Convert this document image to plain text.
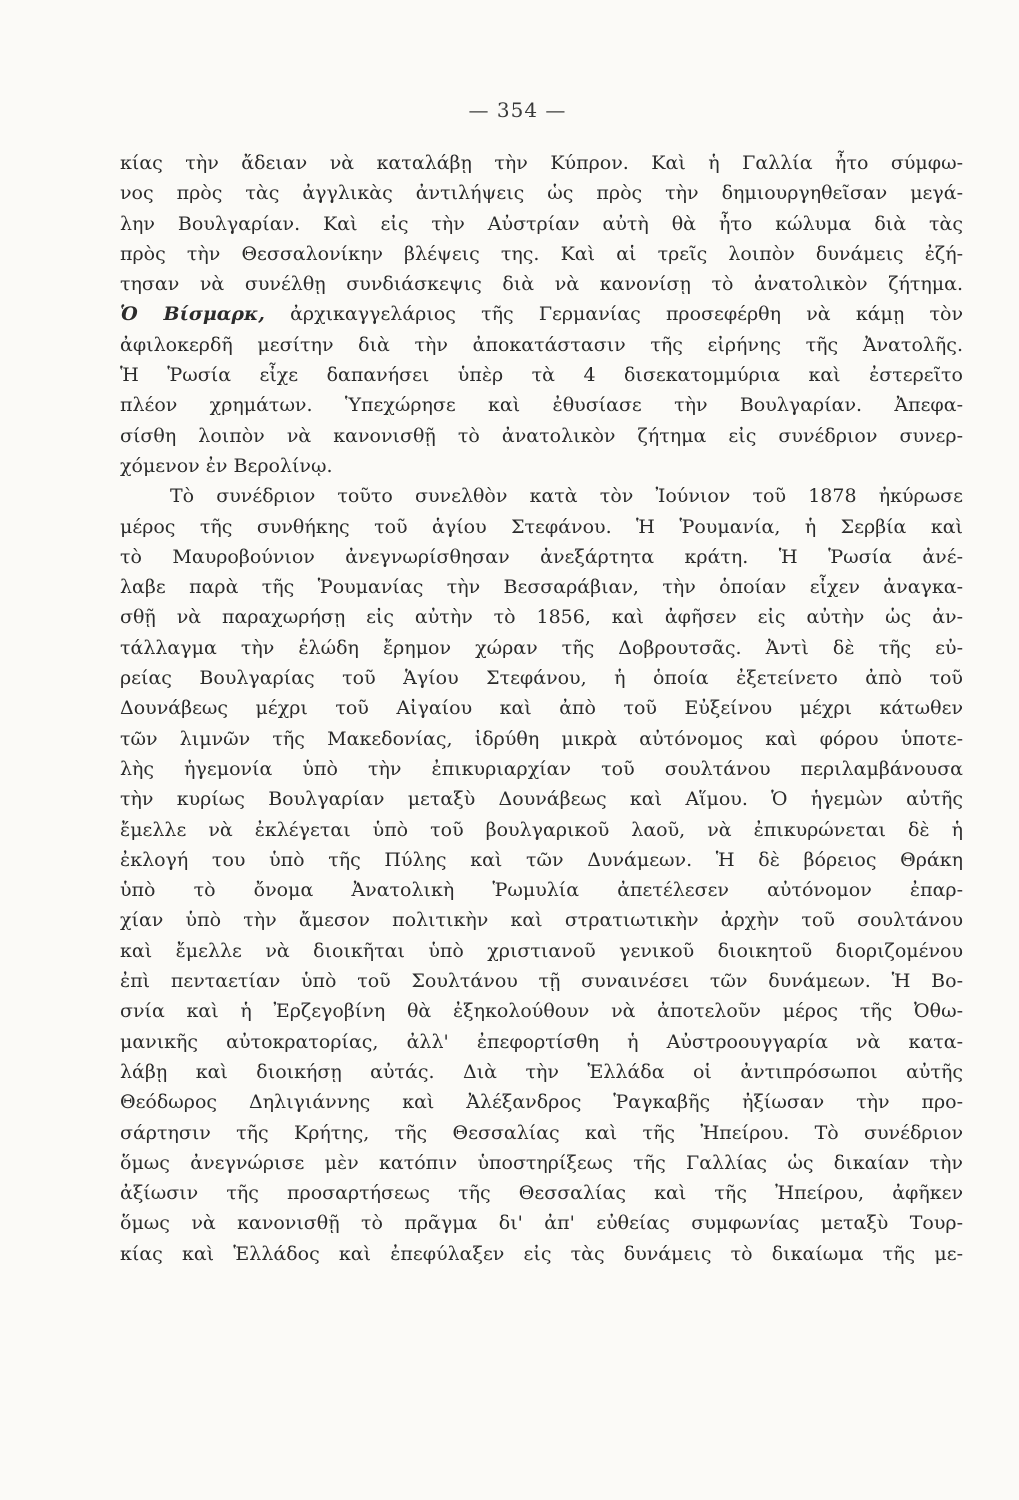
— 354 —
κίας τὴν ἄδειαν νὰ καταλάβῃ τὴν Κύπρον. Καὶ ἡ Γαλλία ἦτο σύμφω-
νος πρὸς τὰς ἀγγλικὰς ἀντιλήψεις ὡς πρὸς τὴν δημιουργηθεῖσαν μεγά-
λην Βουλγαρίαν. Καὶ εἰς τὴν Αὐστρίαν αὐτὴ θὰ ἦτο κώλυμα διὰ τὰς
πρὸς τὴν Θεσσαλονίκην βλέψεις της. Καὶ αἱ τρεῖς λοιπὸν δυνάμεις ἐζή-
τησαν νὰ συνέλθῃ συνδιάσκεψις διὰ νὰ κανονίσῃ τὸ ἀνατολικὸν ζήτημα.
Ὁ Βίσμαρκ, ἀρχικαγγελάριος τῆς Γερμανίας προσεφέρθη νὰ κάμῃ τὸν
ἀφιλοκερδῆ μεσίτην διὰ τὴν ἀποκατάστασιν τῆς εἰρήνης τῆς Ἀνατολῆς.
Ἡ Ῥωσία εἶχε δαπανήσει ὑπὲρ τὰ 4 δισεκατομμύρια καὶ ἐστερεῖτο
πλέον χρημάτων. Ὑπεχώρησε καὶ ἐθυσίασε τὴν Βουλγαρίαν. Ἀπεφα-
σίσθη λοιπὸν νὰ κανονισθῇ τὸ ἀνατολικὸν ζήτημα εἰς συνέδριον συνερ-
χόμενον ἐν Βερολίνῳ.
Τὸ συνέδριον τοῦτο συνελθὸν κατὰ τὸν Ἰούνιον τοῦ 1878 ἠκύρωσε
μέρος τῆς συνθήκης τοῦ ἁγίου Στεφάνου. Ἡ Ῥουμανία, ἡ Σερβία καὶ
τὸ Μαυροβούνιον ἀνεγνωρίσθησαν ἀνεξάρτητα κράτη. Ἡ Ῥωσία ἀνέ-
λαβε παρὰ τῆς Ῥουμανίας τὴν Βεσσαράβιαν, τὴν ὁποίαν εἶχεν ἀναγκα-
σθῇ νὰ παραχωρήσῃ εἰς αὐτὴν τὸ 1856, καὶ ἀφῆσεν εἰς αὐτὴν ὡς ἀν-
τάλλαγμα τὴν ἑλώδη ἔρημον χώραν τῆς Δοβρουτσᾶς. Ἀντὶ δὲ τῆς εὐ-
ρείας Βουλγαρίας τοῦ Ἁγίου Στεφάνου, ἡ ὁποία ἐξετείνετο ἀπὸ τοῦ
Δουνάβεως μέχρι τοῦ Αἰγαίου καὶ ἀπὸ τοῦ Εὐξείνου μέχρι κάτωθεν
τῶν λιμνῶν τῆς Μακεδονίας, ἱδρύθη μικρὰ αὐτόνομος καὶ φόρου ὑποτε-
λὴς ἡγεμονία ὑπὸ τὴν ἐπικυριαρχίαν τοῦ σουλτάνου περιλαμβάνουσα
τὴν κυρίως Βουλγαρίαν μεταξὺ Δουνάβεως καὶ Αἵμου. Ὁ ἡγεμὼν αὐτῆς
ἔμελλε νὰ ἐκλέγεται ὑπὸ τοῦ βουλγαρικοῦ λαοῦ, νὰ ἐπικυρώνεται δὲ ἡ
ἐκλογή του ὑπὸ τῆς Πύλης καὶ τῶν Δυνάμεων. Ἡ δὲ βόρειος Θράκη
ὑπὸ τὸ ὄνομα Ἀνατολικὴ Ῥωμυλία ἀπετέλεσεν αὐτόνομον ἐπαρ-
χίαν ὑπὸ τὴν ἄμεσον πολιτικὴν καὶ στρατιωτικὴν ἀρχὴν τοῦ σουλτάνου
καὶ ἔμελλε νὰ διοικῆται ὑπὸ χριστιανοῦ γενικοῦ διοικητοῦ διοριζομένου
ἐπὶ πενταετίαν ὑπὸ τοῦ Σουλτάνου τῇ συναινέσει τῶν δυνάμεων. Ἡ Βο-
σνία καὶ ἡ Ἐρζεγοβίνη θὰ ἐξηκολούθουν νὰ ἀποτελοῦν μέρος τῆς Ὀθω-
μανικῆς αὐτοκρατορίας, ἀλλ' ἐπεφορτίσθη ἡ Αὐστροουγγαρία νὰ κατα-
λάβῃ καὶ διοικήσῃ αὐτάς. Διὰ τὴν Ἑλλάδα οἱ ἀντιπρόσωποι αὐτῆς
Θεόδωρος Δηλιγιάννης καὶ Ἀλέξανδρος Ῥαγκαβῆς ἠξίωσαν τὴν προ-
σάρτησιν τῆς Κρήτης, τῆς Θεσσαλίας καὶ τῆς Ἠπείρου. Τὸ συνέδριον
ὅμως ἀνεγνώρισε μὲν κατόπιν ὑποστηρίξεως τῆς Γαλλίας ὡς δικαίαν τὴν
ἀξίωσιν τῆς προσαρτήσεως τῆς Θεσσαλίας καὶ τῆς Ἠπείρου, ἀφῆκεν
ὅμως νὰ κανονισθῇ τὸ πρᾶγμα δι' ἀπ' εὐθείας συμφωνίας μεταξὺ Τουρ-
κίας καὶ Ἑλλάδος καὶ ἐπεφύλαξεν εἰς τὰς δυνάμεις τὸ δικαίωμα τῆς με-
